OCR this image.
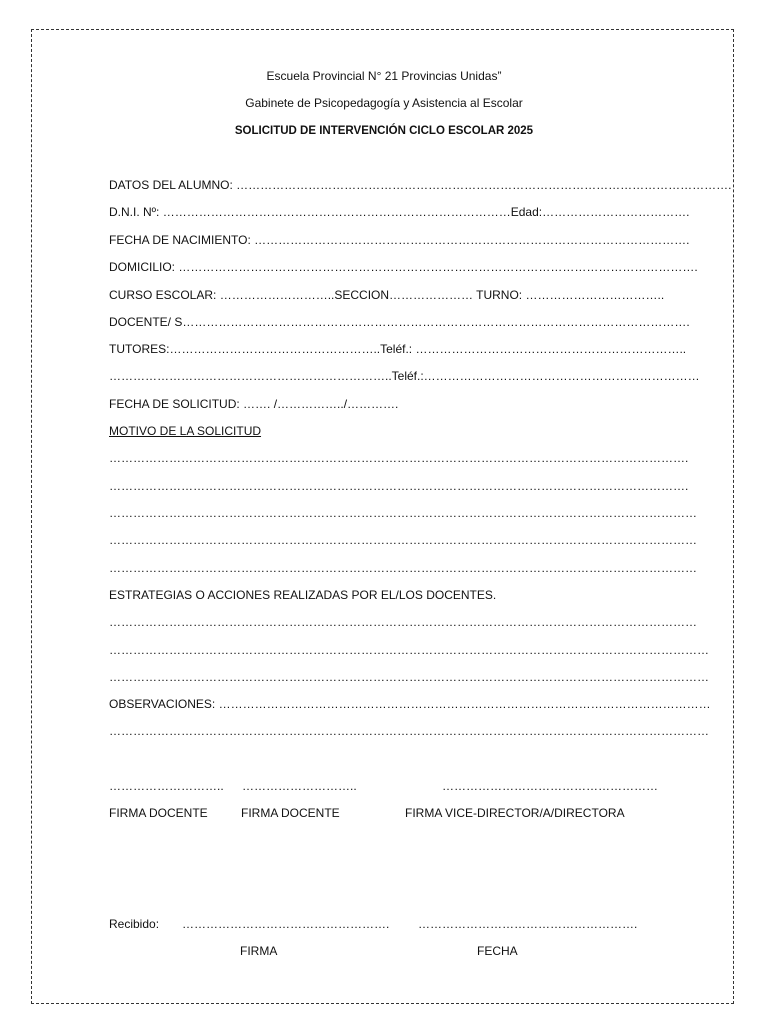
Escuela Provincial N° 21 Provincias Unidas”
Gabinete de Psicopedagogía y Asistencia al Escolar
SOLICITUD DE INTERVENCIÓN CICLO ESCOLAR 2025
DATOS DEL ALUMNO: …………………………………………………………………………………………………………….
D.N.I. Nº: ……………………………………………………………………………Edad:……………………………….
FECHA DE NACIMIENTO: ……………………………………………………………………………………………….
DOMICILIO: ………………………………………………………………………………………………………………….
CURSO ESCOLAR: ………………………..SECCION………………… TURNO: ……………………………..
DOCENTE/ S……………………………………………………………………………………………………………….
TUTORES:……………………………………………..Teléf.: …………………………………………………………..
……………………………………………………………..Teléf.:……………………………………………………………
FECHA DE SOLICITUD: ……. /……………../………….
MOTIVO DE LA SOLICITUD
……………………………………………………………………………………………………………………………….
……………………………………………………………………………………………………………………………….
…………………………………………………………………………………………………………………………………
…………………………………………………………………………………………………………………………………
…………………………………………………………………………………………………………………………………
ESTRATEGIAS O ACCIONES REALIZADAS POR EL/LOS DOCENTES.
…………………………………………………………………………………………………………………………………
……………………………………………………………………………………………………………………………………
……………………………………………………………………………………………………………………………………
OBSERVACIONES: ……………………………………………………………………………………………………………
……………………………………………………………………………………………………………………………………
……………………….. ………………………..	………………………………………………
FIRMA DOCENTE	FIRMA DOCENTE	FIRMA VICE-DIRECTOR/A/DIRECTORA
Recibido: ……………………………………………. ……………………………………………….
FIRMA	FECHA
